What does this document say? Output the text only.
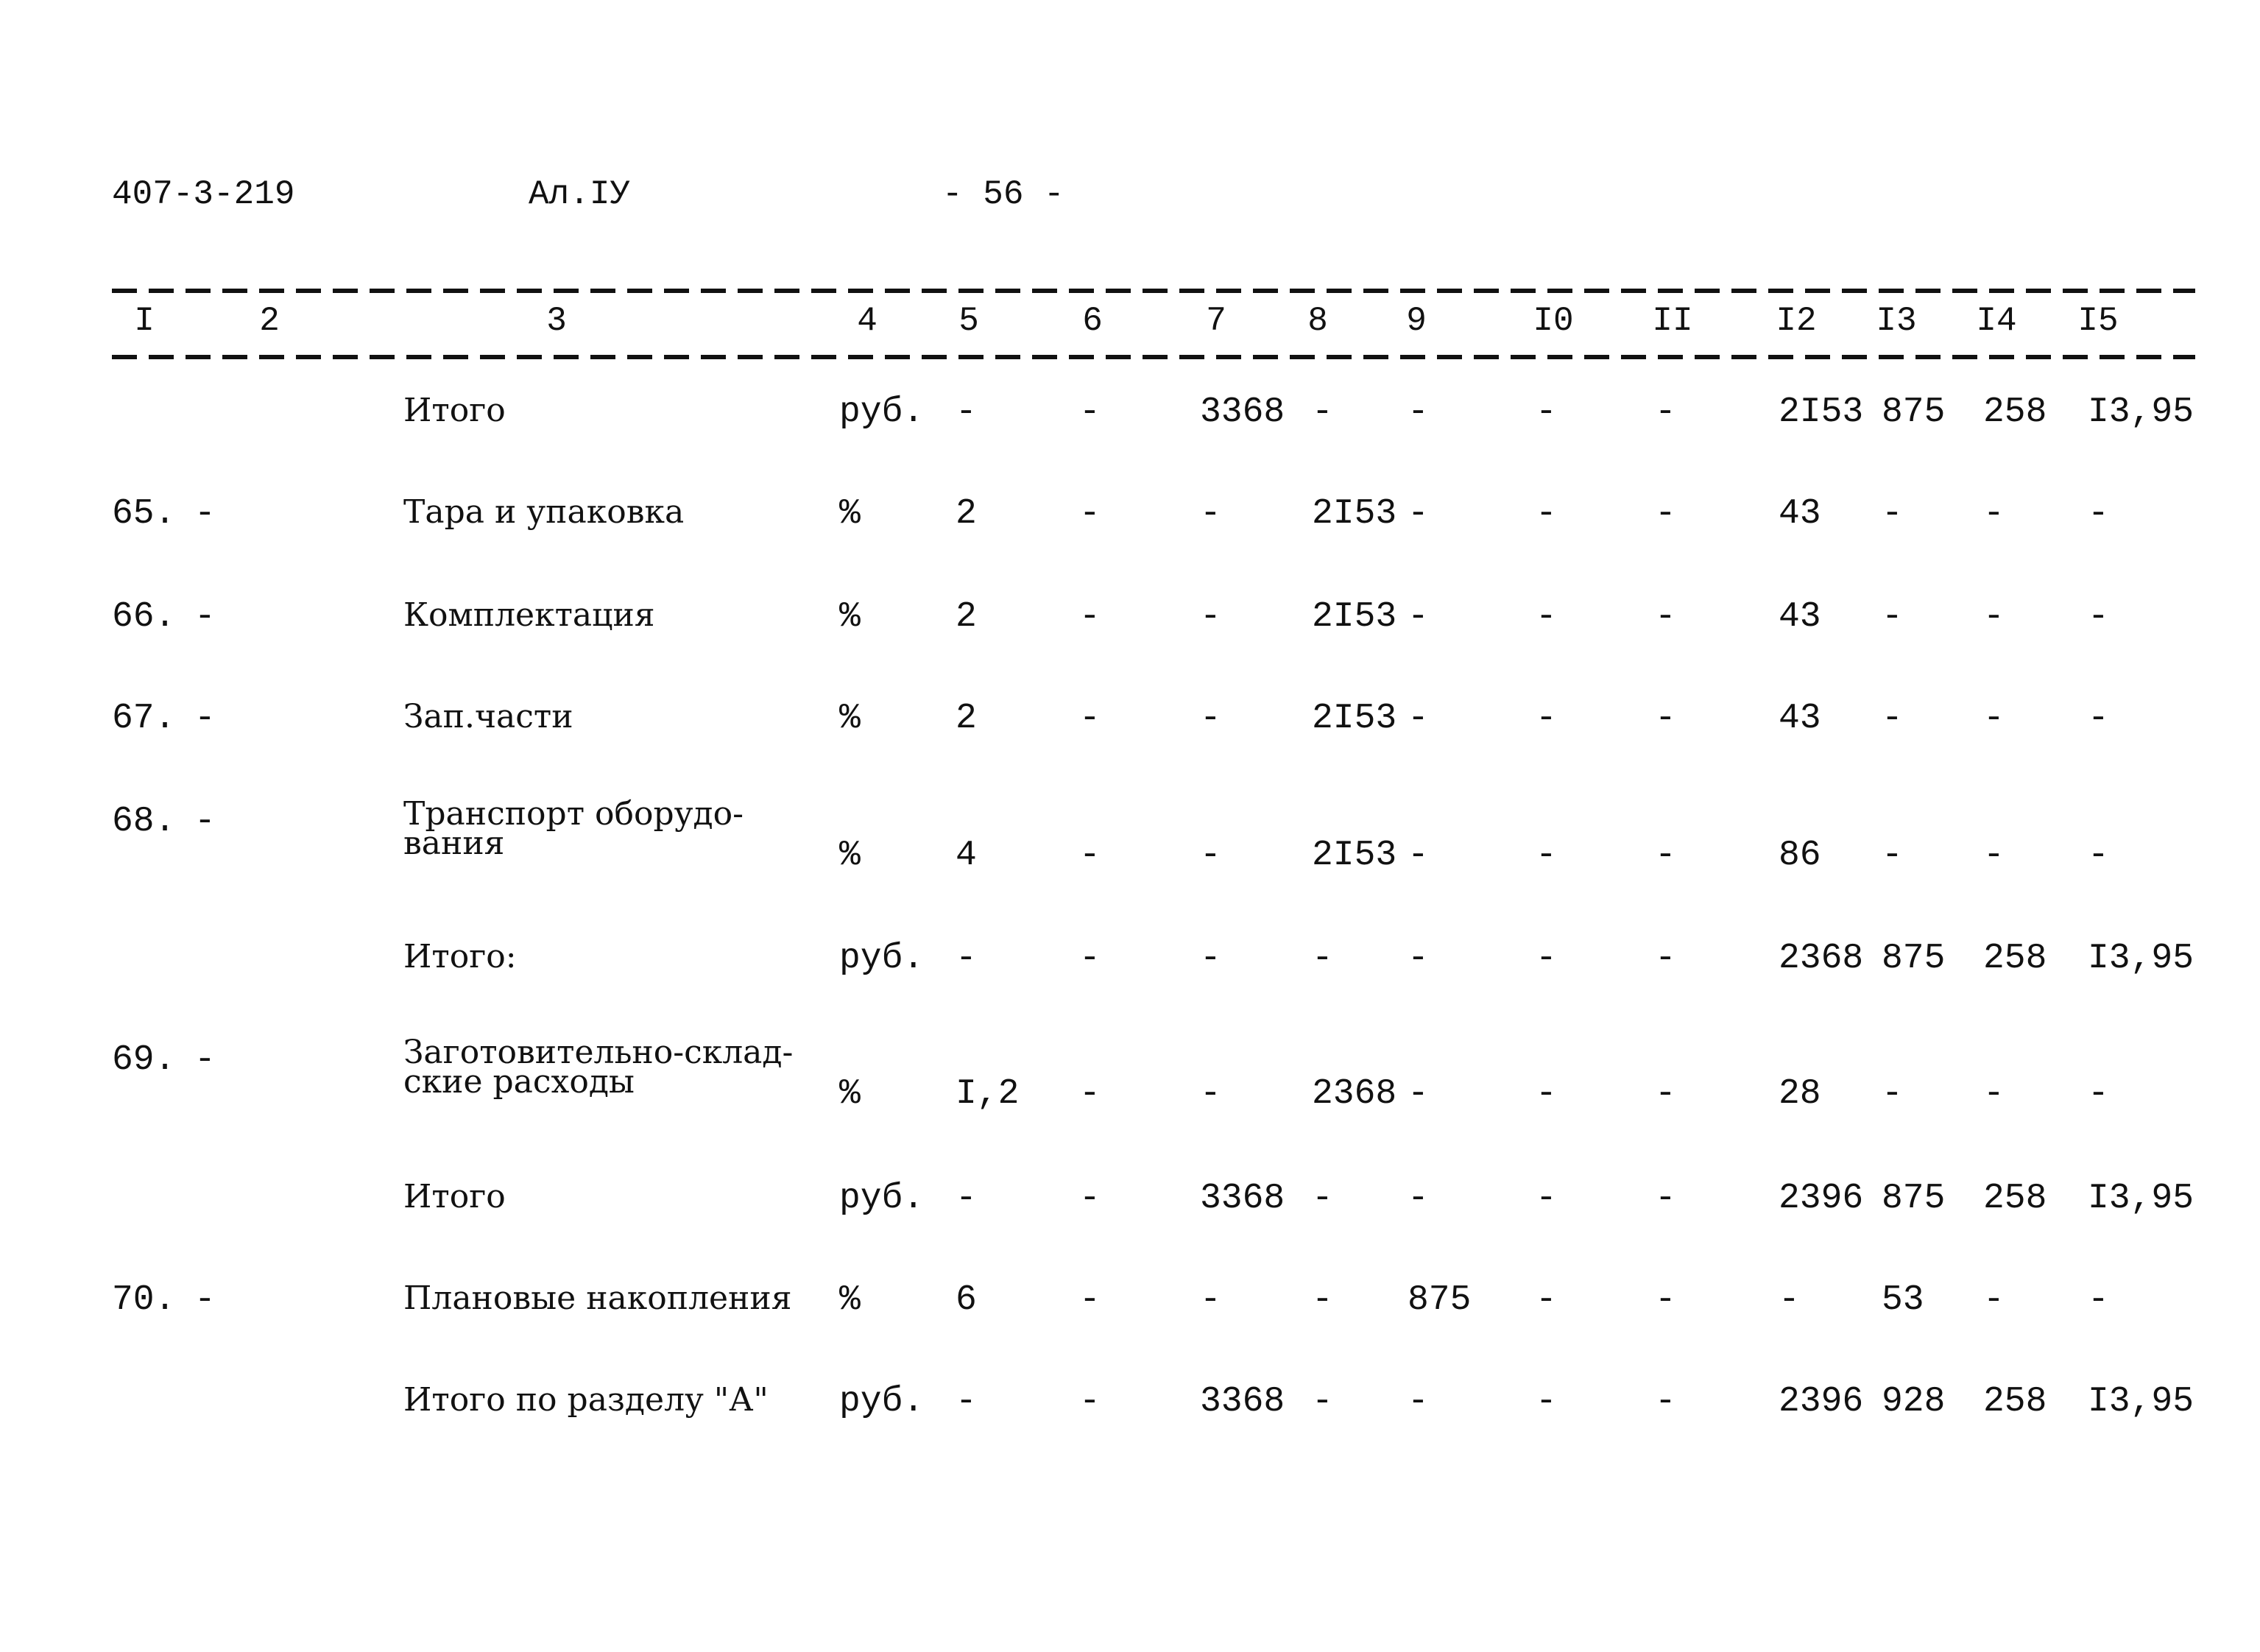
407-3-219	Ал.IУ	- 56 -
I	2	3	4	5	6	7	8	9	I0	II	I2	I3	I4	I5
Итого	руб. -	-	3368 - -	-	-	2I53 875 258 I3,95
65. -	Тара и упаковка	%	2	-	-	2I53 -	-	-	43 - - -
66. -	Комплектация	%	2	-	-	2I53 -	-	-	43 - - -
67. -	Зап.части	%	2	-	-	2I53 -	-	-	43 - - -
68. -	Транспорт оборудо-
вания	%	4	-	-	2I53 -	-	-	86 - - -
Итого:	руб. -	-	-	- -	-	-	2368 875 258 I3,95
69. -	Заготовительно-склад-
ские расходы	%	I,2 -	-	2368 -	-	-	28 - - -
Итого	руб. -	-	3368 - -	-	-	2396 875 258 I3,95
70. -	Плановые накопления %	6	-	-	- 875 -	-	- 53 - -
Итого по разделу "А" руб. -	-	3368 - -	-	-	2396 928 258 I3,95
